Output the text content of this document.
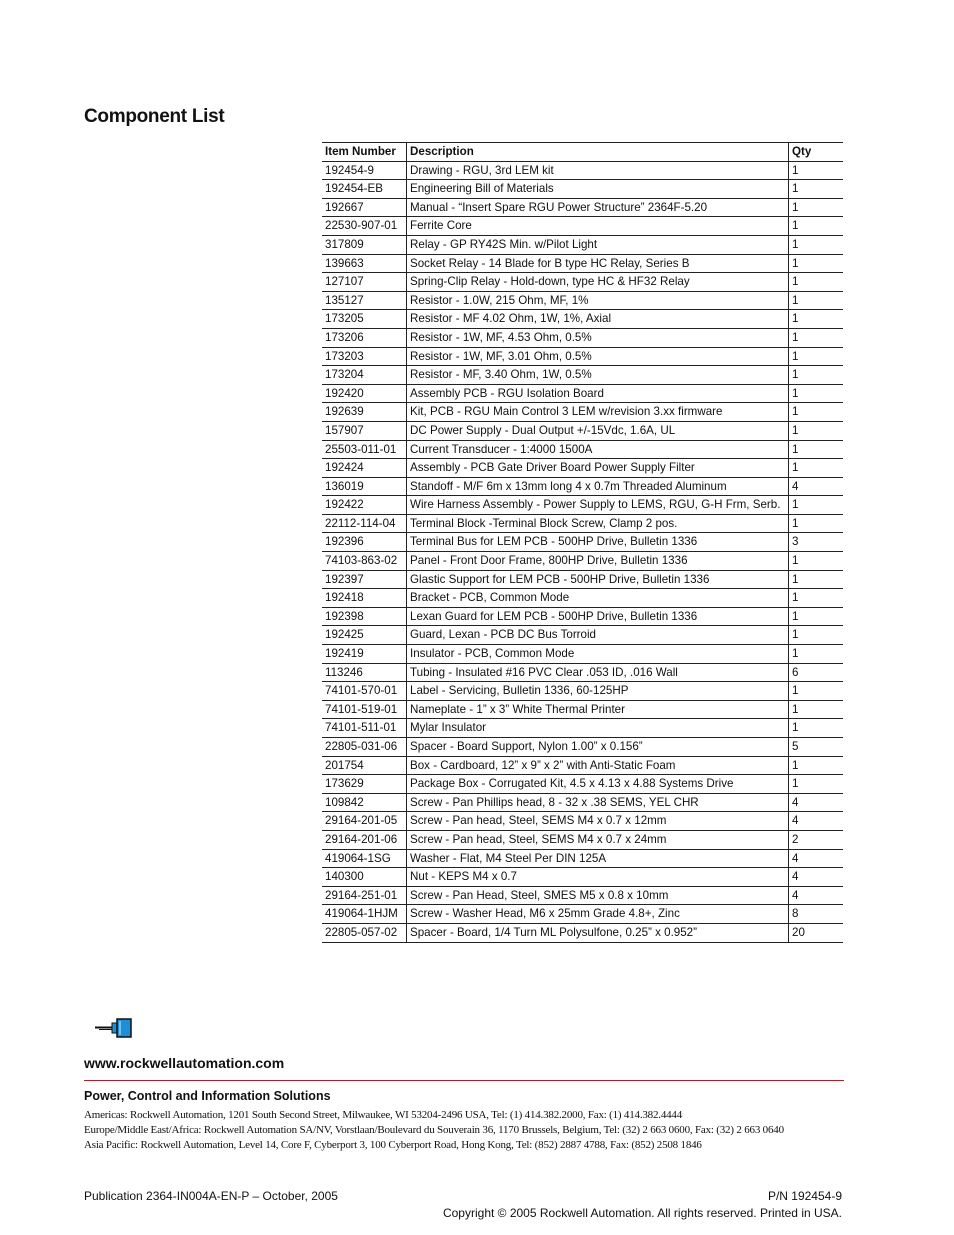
Component List
Item Number	Description	Qty
192454-9	Drawing - RGU, 3rd LEM kit	1
192454-EB	Engineering Bill of Materials	1
192667	Manual - “Insert Spare RGU Power Structure” 2364F-5.20	1
22530-907-01	Ferrite Core	1
317809	Relay - GP RY42S Min. w/Pilot Light	1
139663	Socket Relay - 14 Blade for B type HC Relay, Series B	1
127107	Spring-Clip Relay - Hold-down, type HC & HF32 Relay	1
135127	Resistor - 1.0W, 215 Ohm, MF, 1%	1
173205	Resistor - MF 4.02 Ohm, 1W, 1%, Axial	1
173206	Resistor - 1W, MF, 4.53 Ohm, 0.5%	1
173203	Resistor - 1W, MF, 3.01 Ohm, 0.5%	1
173204	Resistor - MF, 3.40 Ohm, 1W, 0.5%	1
192420	Assembly PCB - RGU Isolation Board	1
192639	Kit, PCB - RGU Main Control 3 LEM w/revision 3.xx firmware	1
157907	DC Power Supply - Dual Output +/-15Vdc, 1.6A, UL	1
25503-011-01	Current Transducer - 1:4000 1500A	1
192424	Assembly - PCB Gate Driver Board Power Supply Filter	1
136019	Standoff - M/F 6m x 13mm long 4 x 0.7m Threaded Aluminum	4
192422	Wire Harness Assembly - Power Supply to LEMS, RGU, G-H Frm, Serb.	1
22112-114-04	Terminal Block -Terminal Block Screw, Clamp 2 pos.	1
192396	Terminal Bus for LEM PCB - 500HP Drive, Bulletin 1336	3
74103-863-02	Panel - Front Door Frame, 800HP Drive, Bulletin 1336	1
192397	Glastic Support for LEM PCB - 500HP Drive, Bulletin 1336	1
192418	Bracket - PCB, Common Mode	1
192398	Lexan Guard for LEM PCB - 500HP Drive, Bulletin 1336	1
192425	Guard, Lexan - PCB DC Bus Torroid	1
192419	Insulator - PCB, Common Mode	1
113246	Tubing - Insulated #16 PVC Clear .053 ID, .016 Wall	6
74101-570-01	Label - Servicing, Bulletin 1336, 60-125HP	1
74101-519-01	Nameplate - 1” x 3” White Thermal Printer	1
74101-511-01	Mylar Insulator	1
22805-031-06	Spacer - Board Support, Nylon 1.00” x 0.156”	5
201754	Box - Cardboard, 12” x 9” x 2” with Anti-Static Foam	1
173629	Package Box - Corrugated Kit, 4.5 x 4.13 x 4.88 Systems Drive	1
109842	Screw - Pan Phillips head, 8 - 32 x .38 SEMS, YEL CHR	4
29164-201-05	Screw - Pan head, Steel, SEMS M4 x 0.7 x 12mm	4
29164-201-06	Screw - Pan head, Steel, SEMS M4 x 0.7 x 24mm	2
419064-1SG	Washer - Flat, M4 Steel Per DIN 125A	4
140300	Nut - KEPS M4 x 0.7	4
29164-251-01	Screw - Pan Head, Steel, SMES M5 x 0.8 x 10mm	4
419064-1HJM	Screw - Washer Head, M6 x 25mm Grade 4.8+, Zinc	8
22805-057-02	Spacer - Board, 1/4 Turn ML Polysulfone, 0.25” x 0.952”	20
www.rockwellautomation.com
Power, Control and Information Solutions
Americas: Rockwell Automation, 1201 South Second Street, Milwaukee, WI 53204-2496 USA, Tel: (1) 414.382.2000, Fax: (1) 414.382.4444
Europe/Middle East/Africa: Rockwell Automation SA/NV, Vorstlaan/Boulevard du Souverain 36, 1170 Brussels, Belgium, Tel: (32) 2 663 0600, Fax: (32) 2 663 0640
Asia Pacific: Rockwell Automation, Level 14, Core F, Cyberport 3, 100 Cyberport Road, Hong Kong, Tel: (852) 2887 4788, Fax: (852) 2508 1846
Publication 2364-IN004A-EN-P – October, 2005	P/N 192454-9
Copyright © 2005 Rockwell Automation. All rights reserved. Printed in USA.
